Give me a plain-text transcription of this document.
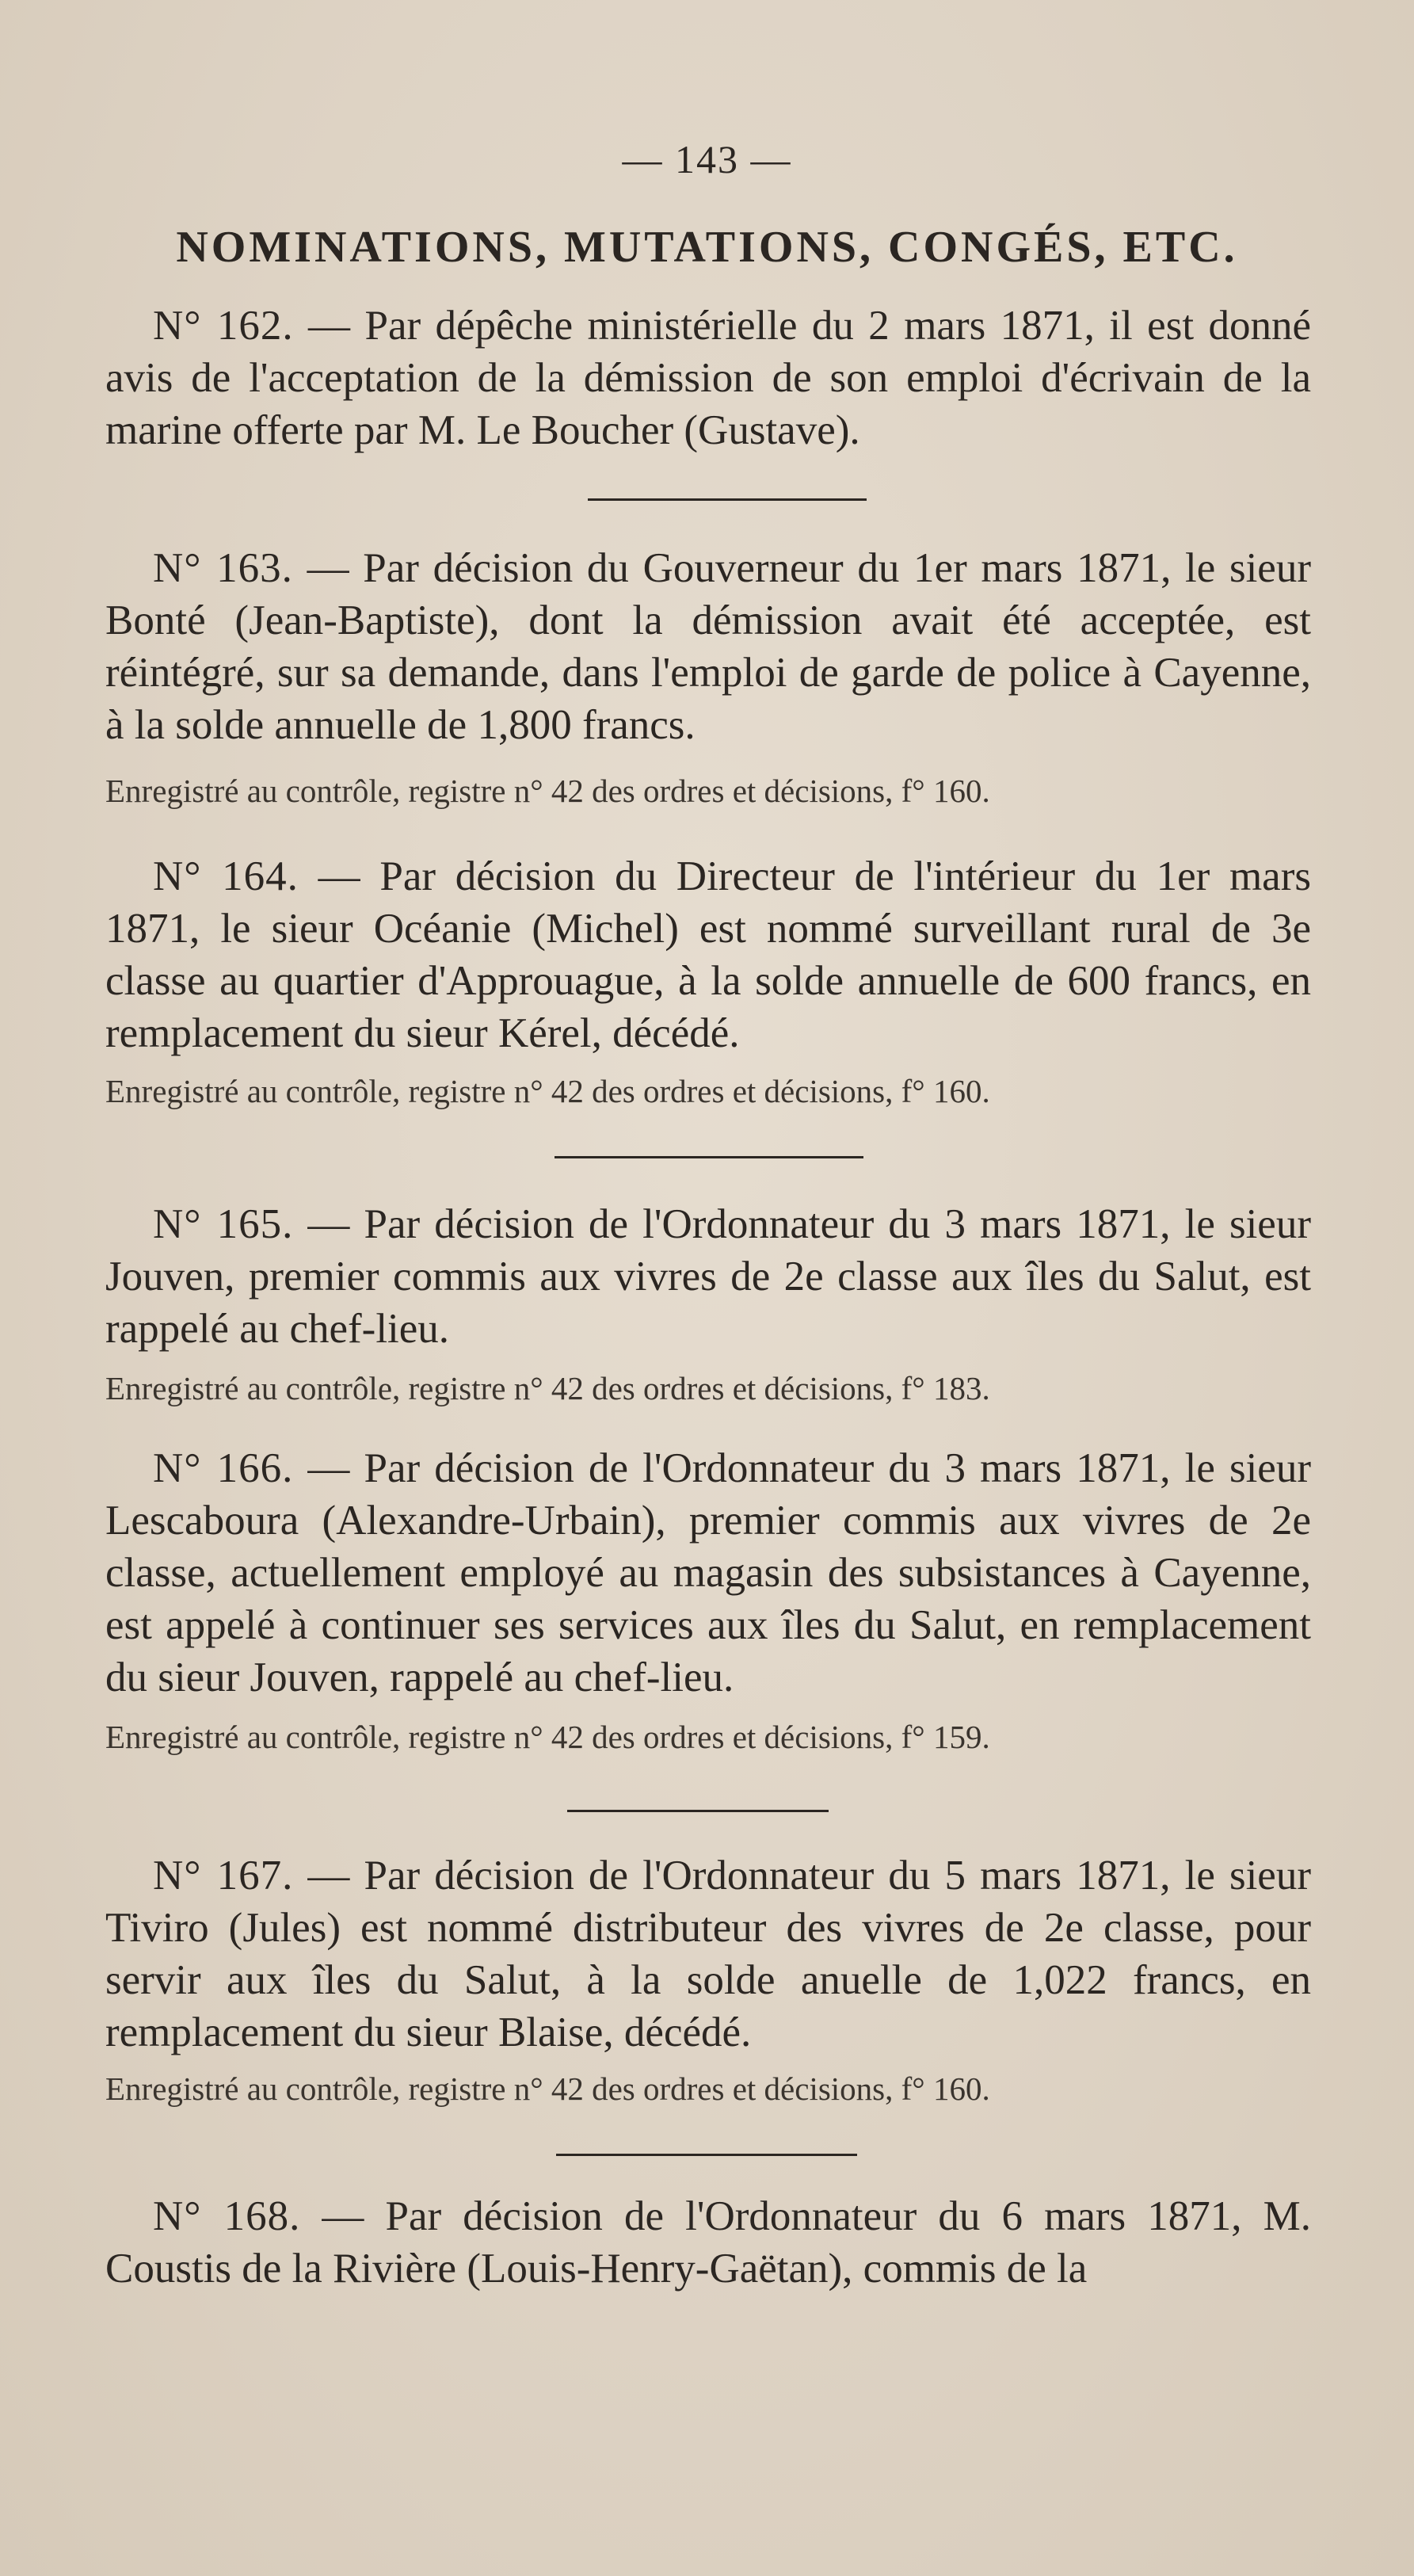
— 143 —
NOMINATIONS, MUTATIONS, CONGÉS, ETC.

N° 162. — Par dépêche ministérielle du 2 mars 1871, il est donné avis de l'acceptation de la démission de son emploi d'écrivain de la marine offerte par M. Le Boucher (Gustave).

N° 163. — Par décision du Gouverneur du 1er mars 1871, le sieur Bonté (Jean-Baptiste), dont la démission avait été acceptée, est réintégré, sur sa demande, dans l'emploi de garde de police à Cayenne, à la solde annuelle de 1,800 francs.

Enregistré au contrôle, registre n° 42 des ordres et décisions, f° 160.

N° 164. — Par décision du Directeur de l'intérieur du 1er mars 1871, le sieur Océanie (Michel) est nommé surveillant rural de 3e classe au quartier d'Approuague, à la solde annuelle de 600 francs, en remplacement du sieur Kérel, décédé.

Enregistré au contrôle, registre n° 42 des ordres et décisions, f° 160.

N° 165. — Par décision de l'Ordonnateur du 3 mars 1871, le sieur Jouven, premier commis aux vivres de 2e classe aux îles du Salut, est rappelé au chef-lieu.

Enregistré au contrôle, registre n° 42 des ordres et décisions, f° 183.

N° 166. — Par décision de l'Ordonnateur du 3 mars 1871, le sieur Lescaboura (Alexandre-Urbain), premier commis aux vivres de 2e classe, actuellement employé au magasin des subsistances à Cayenne, est appelé à continuer ses services aux îles du Salut, en remplacement du sieur Jouven, rappelé au chef-lieu.

Enregistré au contrôle, registre n° 42 des ordres et décisions, f° 159.

N° 167. — Par décision de l'Ordonnateur du 5 mars 1871, le sieur Tiviro (Jules) est nommé distributeur des vivres de 2e classe, pour servir aux îles du Salut, à la solde anuelle de 1,022 francs, en remplacement du sieur Blaise, décédé.

Enregistré au contrôle, registre n° 42 des ordres et décisions, f° 160.

N° 168. — Par décision de l'Ordonnateur du 6 mars 1871, M. Coustis de la Rivière (Louis-Henry-Gaëtan), commis de la
